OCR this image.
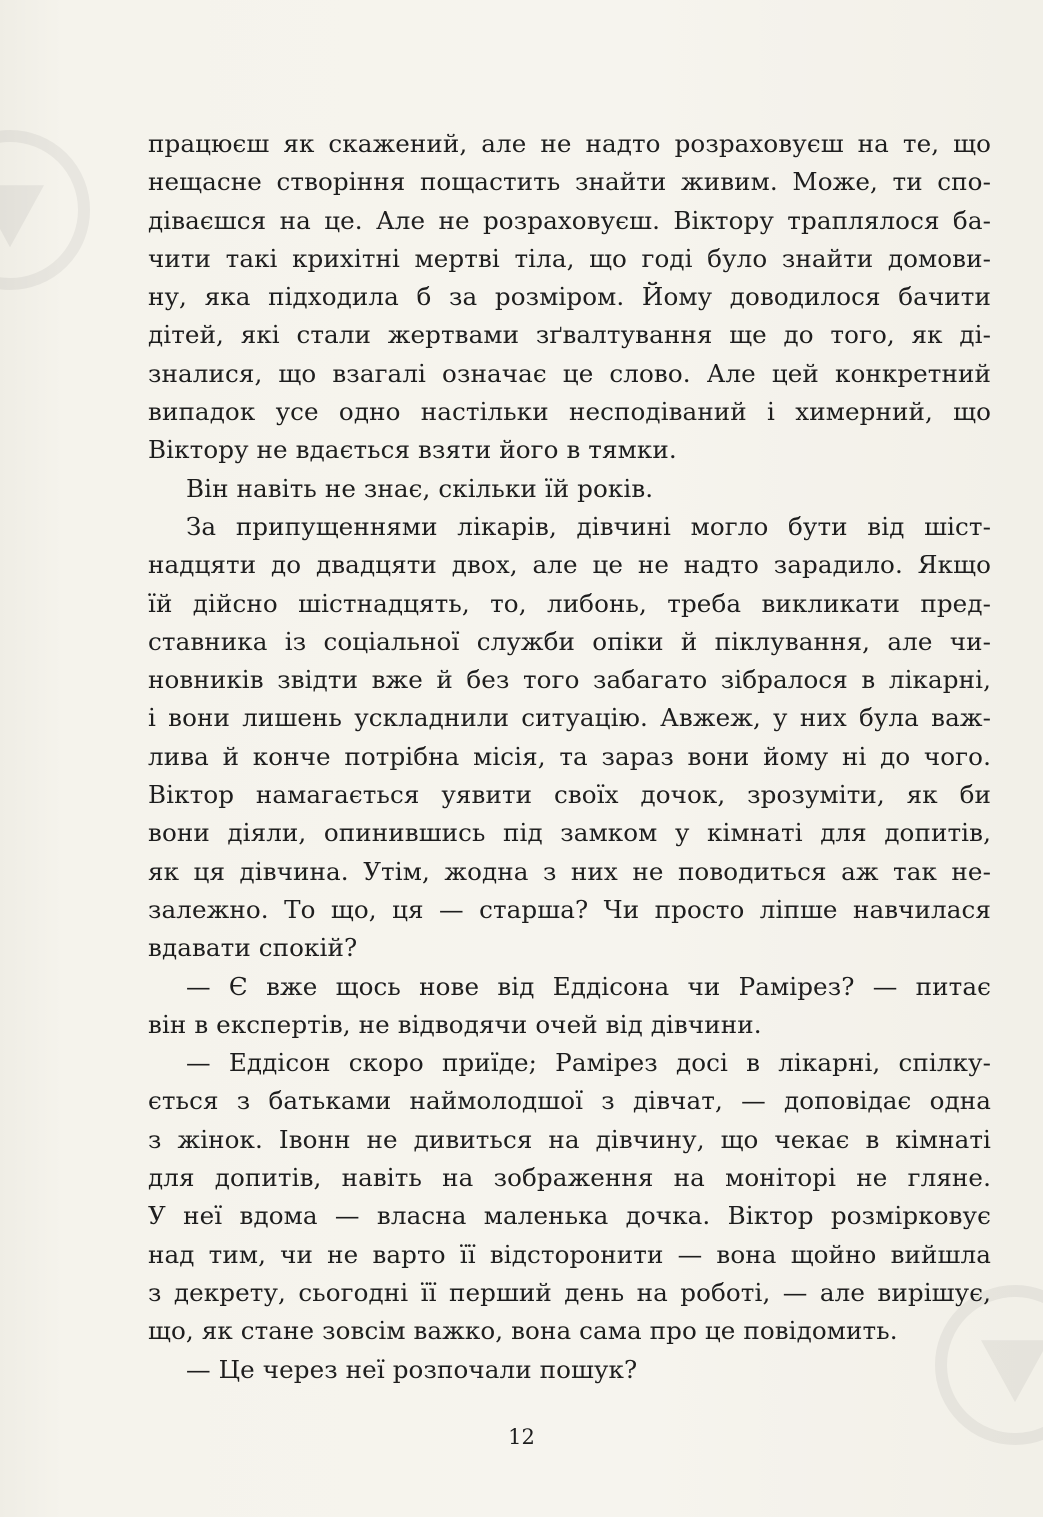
працюєш як скажений, але не надто розраховуєш на те, що
нещасне створіння пощастить знайти живим. Може, ти спо-
діваєшся на це. Але не розраховуєш. Віктору траплялося ба-
чити такі крихітні мертві тіла, що годі було знайти домови-
ну, яка підходила б за розміром. Йому доводилося бачити
дітей, які стали жертвами зґвалтування ще до того, як ді-
зналися, що взагалі означає це слово. Але цей конкретний
випадок усе одно настільки несподіваний і химерний, що
Віктору не вдається взяти його в тямки.
Він навіть не знає, скільки їй років.
За припущеннями лікарів, дівчині могло бути від шіст-
надцяти до двадцяти двох, але це не надто зарадило. Якщо
їй дійсно шістнадцять, то, либонь, треба викликати пред-
ставника із соціальної служби опіки й піклування, але чи-
новників звідти вже й без того забагато зібралося в лікарні,
і вони лишень ускладнили ситуацію. Авжеж, у них була важ-
лива й конче потрібна місія, та зараз вони йому ні до чого.
Віктор намагається уявити своїх дочок, зрозуміти, як би
вони діяли, опинившись під замком у кімнаті для допитів,
як ця дівчина. Утім, жодна з них не поводиться аж так не-
залежно. То що, ця — старша? Чи просто ліпше навчилася
вдавати спокій?
— Є вже щось нове від Еддісона чи Рамірез? — питає
він в експертів, не відводячи очей від дівчини.
— Еддісон скоро приїде; Рамірез досі в лікарні, спілку-
ється з батьками наймолодшої з дівчат, — доповідає одна
з жінок. Івонн не дивиться на дівчину, що чекає в кімнаті
для допитів, навіть на зображення на моніторі не гляне.
У неї вдома — власна маленька дочка. Віктор розмірковує
над тим, чи не варто її відсторонити — вона щойно вийшла
з декрету, сьогодні її перший день на роботі, — але вирішує,
що, як стане зовсім важко, вона сама про це повідомить.
— Це через неї розпочали пошук?
12
